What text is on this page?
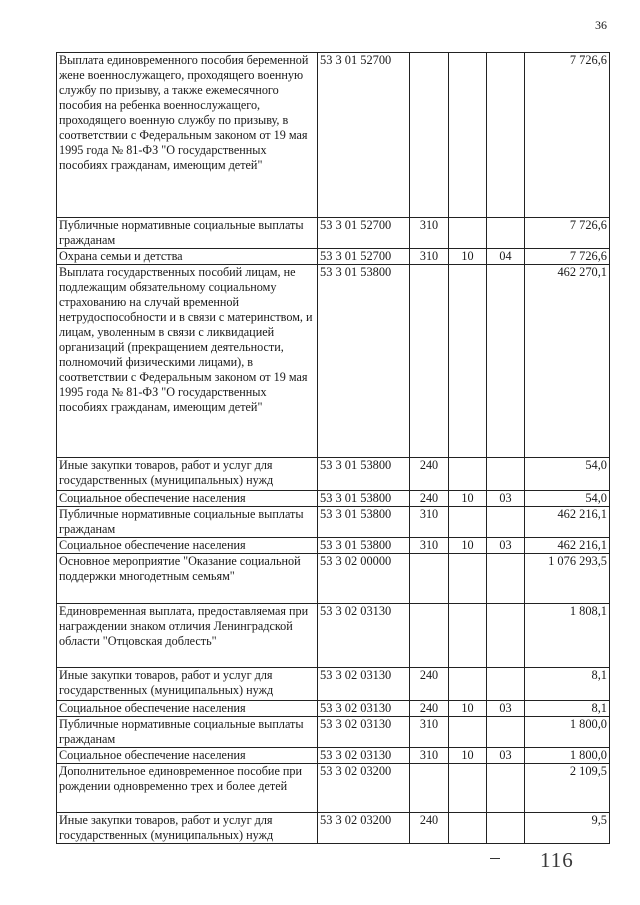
36
Выплата единовременного пособия беременной жене военнослужащего, проходящего военную службу по призыву, а также ежемесячного пособия на ребенка военнослужащего, проходящего военную службу по призыву, в соответствии с Федеральным законом от 19 мая 1995 года № 81-ФЗ "О государственных пособиях гражданам, имеющим детей"	53 3 01 52700				7 726,6
Публичные нормативные социальные выплаты гражданам	53 3 01 52700	310			7 726,6
Охрана семьи и детства	53 3 01 52700	310	10	04	7 726,6
Выплата государственных пособий лицам, не подлежащим обязательному социальному страхованию на случай временной нетрудоспособности и в связи с материнством, и лицам, уволенным в связи с ликвидацией организаций (прекращением деятельности, полномочий физическими лицами), в соответствии с Федеральным законом от 19 мая 1995 года № 81-ФЗ "О государственных пособиях гражданам, имеющим детей"	53 3 01 53800				462 270,1
Иные закупки товаров, работ и услуг для государственных (муниципальных) нужд	53 3 01 53800	240			54,0
Социальное обеспечение населения	53 3 01 53800	240	10	03	54,0
Публичные нормативные социальные выплаты гражданам	53 3 01 53800	310			462 216,1
Социальное обеспечение населения	53 3 01 53800	310	10	03	462 216,1
Основное мероприятие "Оказание социальной поддержки многодетным семьям"	53 3 02 00000				1 076 293,5
Единовременная выплата, предоставляемая при награждении знаком отличия Ленинградской области "Отцовская доблесть"	53 3 02 03130				1 808,1
Иные закупки товаров, работ и услуг для государственных (муниципальных) нужд	53 3 02 03130	240			8,1
Социальное обеспечение населения	53 3 02 03130	240	10	03	8,1
Публичные нормативные социальные выплаты гражданам	53 3 02 03130	310			1 800,0
Социальное обеспечение населения	53 3 02 03130	310	10	03	1 800,0
Дополнительное единовременное пособие при рождении одновременно трех и более детей	53 3 02 03200				2 109,5
Иные закупки товаров, работ и услуг для государственных (муниципальных) нужд	53 3 02 03200	240			9,5
116
